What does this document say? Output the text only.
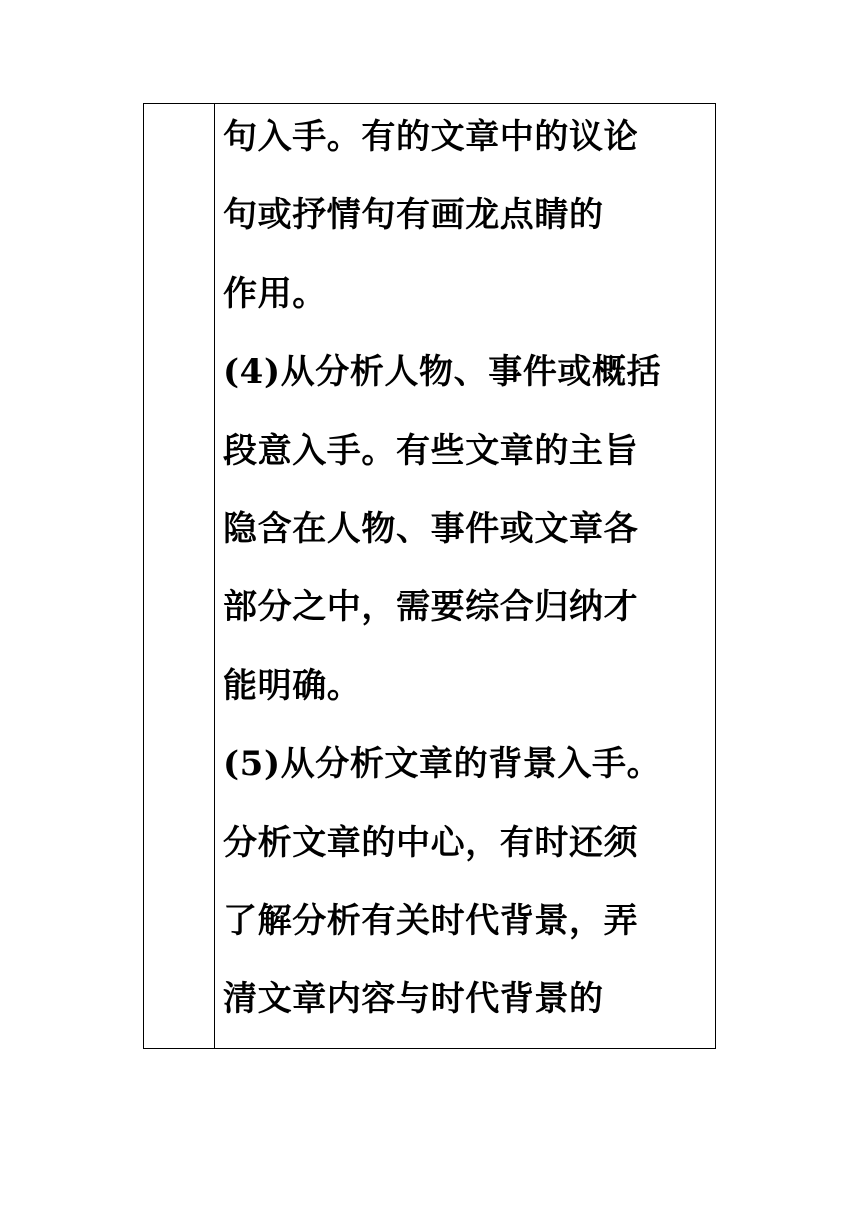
句入手。有的文章中的议论
句或抒情句有画龙点睛的
作用。
(4)从分析人物、事件或概括
段意入手。有些文章的主旨
隐含在人物、事件或文章各
部分之中，需要综合归纳才
能明确。
(5)从分析文章的背景入手。
分析文章的中心，有时还须
了解分析有关时代背景，弄
清文章内容与时代背景的
